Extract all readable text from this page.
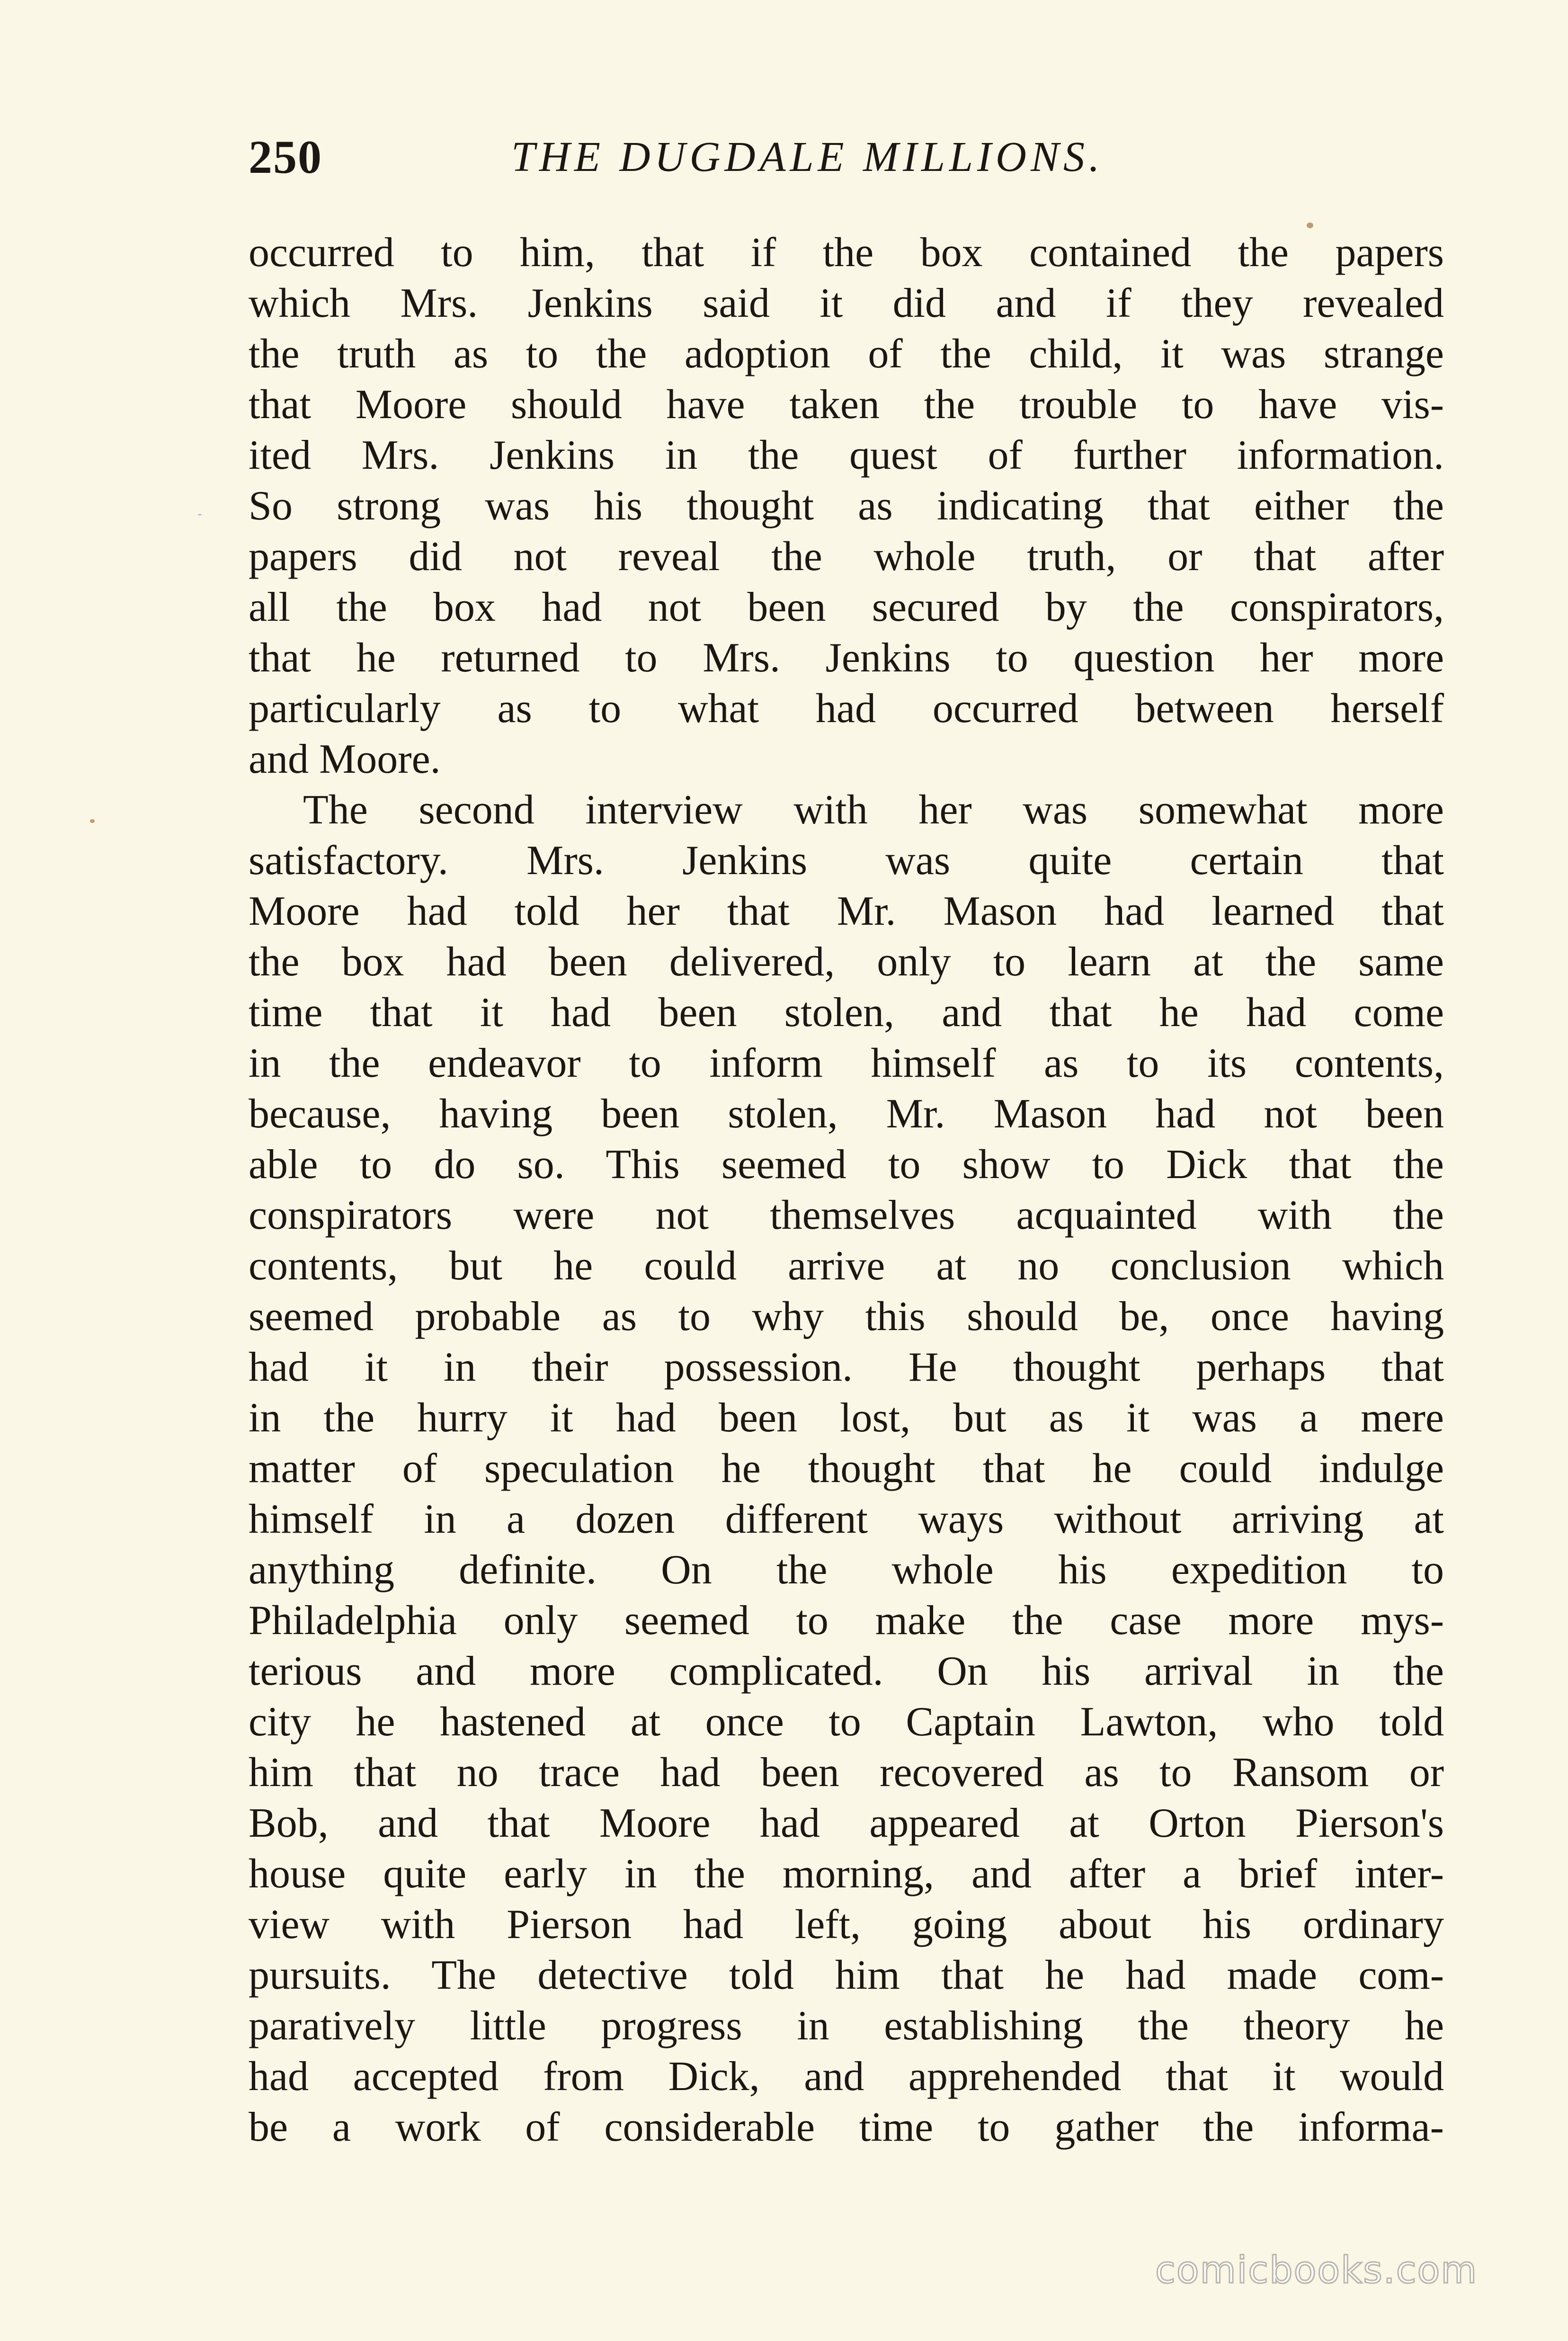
250	THE DUGDALE MILLIONS.
occurred to him, that if the box contained the papers
which Mrs. Jenkins said it did and if they revealed
the truth as to the adoption of the child, it was strange
that Moore should have taken the trouble to have vis-
ited Mrs. Jenkins in the quest of further information.
So strong was his thought as indicating that either the
papers did not reveal the whole truth, or that after
all the box had not been secured by the conspirators,
that he returned to Mrs. Jenkins to question her more
particularly as to what had occurred between herself
and Moore.
The second interview with her was somewhat more
satisfactory. Mrs. Jenkins was quite certain that
Moore had told her that Mr. Mason had learned that
the box had been delivered, only to learn at the same
time that it had been stolen, and that he had come
in the endeavor to inform himself as to its contents,
because, having been stolen, Mr. Mason had not been
able to do so. This seemed to show to Dick that the
conspirators were not themselves acquainted with the
contents, but he could arrive at no conclusion which
seemed probable as to why this should be, once having
had it in their possession. He thought perhaps that
in the hurry it had been lost, but as it was a mere
matter of speculation he thought that he could indulge
himself in a dozen different ways without arriving at
anything definite. On the whole his expedition to
Philadelphia only seemed to make the case more mys-
terious and more complicated. On his arrival in the
city he hastened at once to Captain Lawton, who told
him that no trace had been recovered as to Ransom or
Bob, and that Moore had appeared at Orton Pierson's
house quite early in the morning, and after a brief inter-
view with Pierson had left, going about his ordinary
pursuits. The detective told him that he had made com-
paratively little progress in establishing the theory he
had accepted from Dick, and apprehended that it would
be a work of considerable time to gather the informa-
comicbooks.com
